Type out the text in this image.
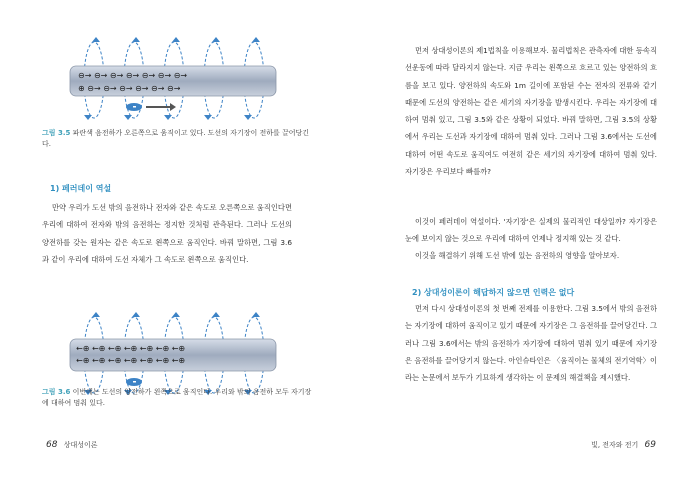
⊖→ ⊖→ ⊖→ ⊖→ ⊖→ ⊖→ ⊖→
⊕ ⊖→ ⊖→ ⊖→ ⊖→ ⊖→ ⊖→
그림 3.5 파란색 음전하가 오른쪽으로 움직이고 있다. 도선의 자기장이 전하를 끌어당긴다.
1) 페러데이 역설

만약 우리가 도선 밖의 음전하나 전자와 같은 속도로 오른쪽으로 움직인다면 우리에 대하여 전자와 밖의 음전하는 정지한 것처럼 관측된다. 그러나 도선의 양전하를 갖는 원자는 같은 속도로 왼쪽으로 움직인다. 바꿔 말하면, 그림 3.6과 같이 우리에 대하여 도선 자체가 그 속도로 왼쪽으로 움직인다.

←⊕ ←⊕ ←⊕ ←⊕ ←⊕ ←⊕ ←⊕
←⊕ ←⊕ ←⊕ ←⊕ ←⊕ ←⊕ ←⊕
그림 3.6 이번에는 도선의 양전하가 왼쪽으로 움직인다. 우리와 밖의 음전하 모두 자기장에 대하여 멈춰 있다.
68 상대성이론

먼저 상대성이론의 제1법칙을 이용해보자. 물리법칙은 관측자에 대한 등속직선운동에 따라 달라지지 않는다. 지금 우리는 왼쪽으로 흐르고 있는 양전하의 흐름을 보고 있다. 양전하의 속도와 1m 길이에 포함된 수는 전자의 전류와 같기 때문에 도선의 양전하는 같은 세기의 자기장을 발생시킨다. 우리는 자기장에 대하여 멈춰 있고, 그림 3.5와 같은 상황이 되었다. 바꿔 말하면, 그림 3.5의 상황에서 우리는 도선과 자기장에 대하여 멈춰 있다. 그러나 그림 3.6에서는 도선에 대하여 어떤 속도로 움직여도 여전히 같은 세기의 자기장에 대하여 멈춰 있다. 자기장은 우리보다 빠를까?

이것이 페러데이 역설이다. '자기장'은 실제의 물리적인 대상일까? 자기장은 눈에 보이지 않는 것으로 우리에 대하여 언제나 정지해 있는 것 같다.

이것을 해결하기 위해 도선 밖에 있는 음전하의 영향을 알아보자.

2) 상대성이론이 해답하지 않으면 인력은 없다

먼저 다시 상대성이론의 첫 번째 전제를 이용한다. 그림 3.5에서 밖의 음전하는 자기장에 대하여 움직이고 있기 때문에 자기장은 그 음전하를 끌어당긴다. 그러나 그림 3.6에서는 밖의 음전하가 자기장에 대하여 멈춰 있기 때문에 자기장은 음전하를 끌어당기지 않는다. 아인슈타인은 〈움직이는 물체의 전기역학〉이라는 논문에서 보두가 기묘하게 생각하는 이 문제의 해결책을 제시했다.

빛, 전자와 전기 69
